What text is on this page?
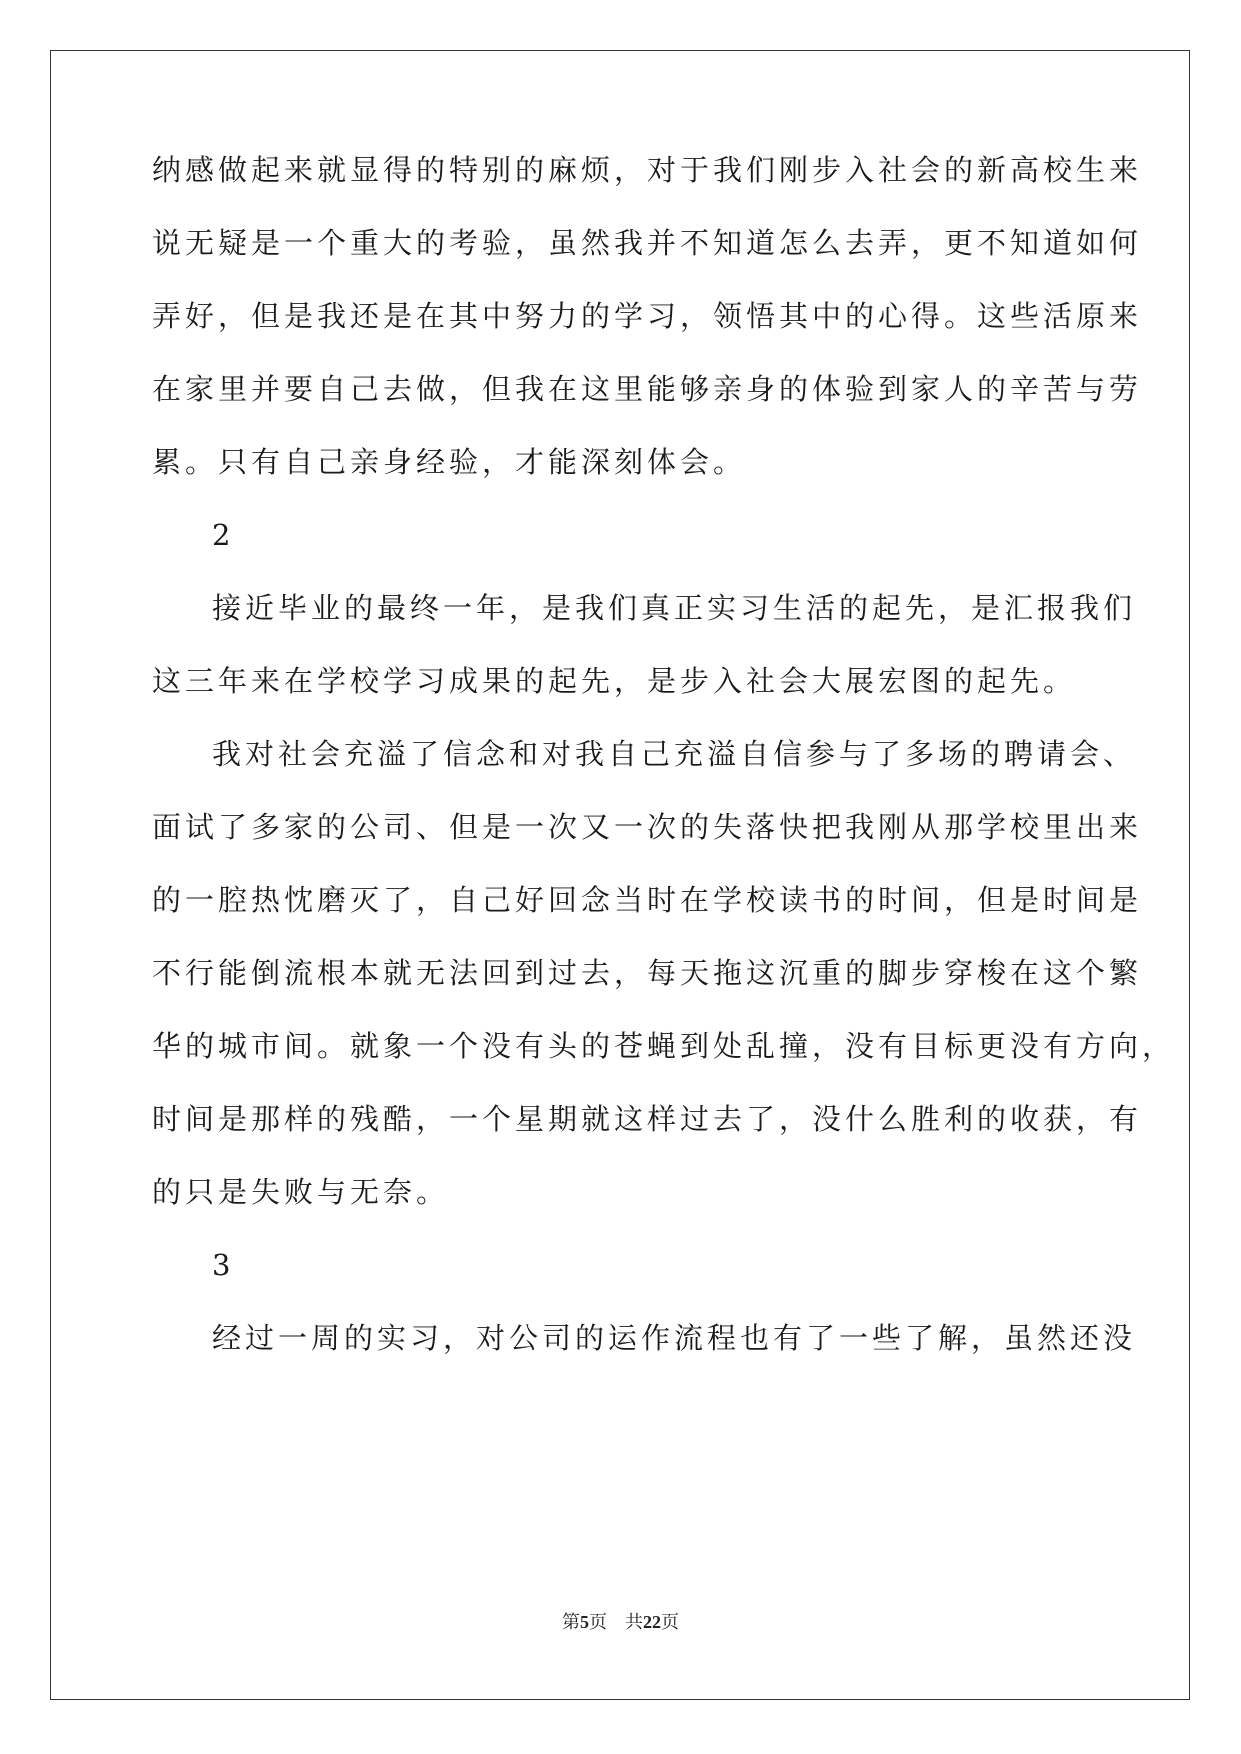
纳感做起来就显得的特别的麻烦，对于我们刚步入社会的新高校生来
说无疑是一个重大的考验，虽然我并不知道怎么去弄，更不知道如何
弄好，但是我还是在其中努力的学习，领悟其中的心得。这些活原来
在家里并要自己去做，但我在这里能够亲身的体验到家人的辛苦与劳
累。只有自己亲身经验，才能深刻体会。
2
接近毕业的最终一年，是我们真正实习生活的起先，是汇报我们
这三年来在学校学习成果的起先，是步入社会大展宏图的起先。
我对社会充溢了信念和对我自己充溢自信参与了多场的聘请会、
面试了多家的公司、但是一次又一次的失落快把我刚从那学校里出来
的一腔热忱磨灭了，自己好回念当时在学校读书的时间，但是时间是
不行能倒流根本就无法回到过去，每天拖这沉重的脚步穿梭在这个繁
华的城市间。就象一个没有头的苍蝇到处乱撞，没有目标更没有方向，
时间是那样的残酷，一个星期就这样过去了，没什么胜利的收获，有
的只是失败与无奈。
3
经过一周的实习，对公司的运作流程也有了一些了解，虽然还没
第5页 共22页
